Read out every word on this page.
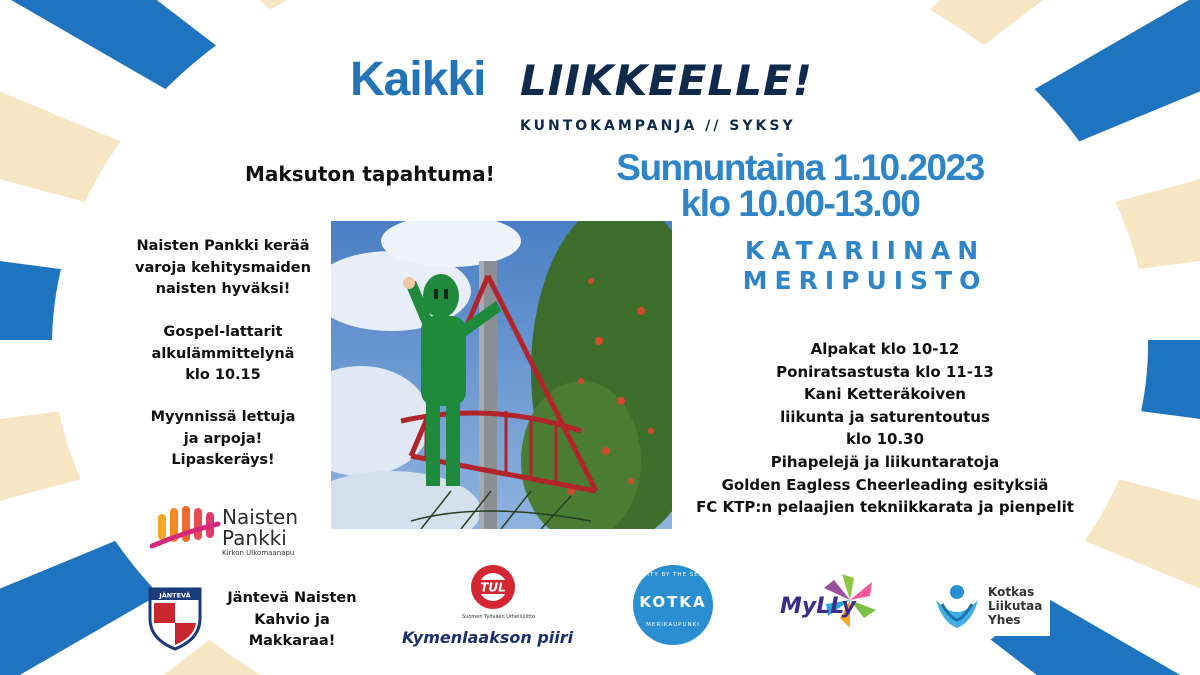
Kaikki LIIKKEELLE!
KUNTOKAMPANJA // SYKSY
Maksuton tapahtuma!	Sunnuntaina 1.10.2023
klo 10.00-13.00
KATARIINAN
MERIPUISTO
Naisten Pankki kerää
varoja kehitysmaiden
naisten hyväksi!
Gospel-lattarit
alkulämmittelynä
klo 10.15
Myynnissä lettuja
ja arpoja!
Lipaskeräys!
Alpakat klo 10-12
Poniratsastusta klo 11-13
Kani Ketteräkoiven
liikunta ja saturentoutus
klo 10.30
Pihapelejä ja liikuntaratoja
Golden Eagless Cheerleading esityksiä
FC KTP:n pelaajien tekniikkarata ja pienpelit
Naisten
Pankki
Kirkon Ulkomaanapu
JÄNTEVÄ	Jäntevä Naisten
Kahvio ja
Makkaraa!
TUL
Suomen Työväen Urheiluliitto
Kymenlaakson piiri
CITY BY THE SEA
KOTKA
MERIKAUPUNKI
MyLLy
Kotkas
Liikutaa
Yhes
